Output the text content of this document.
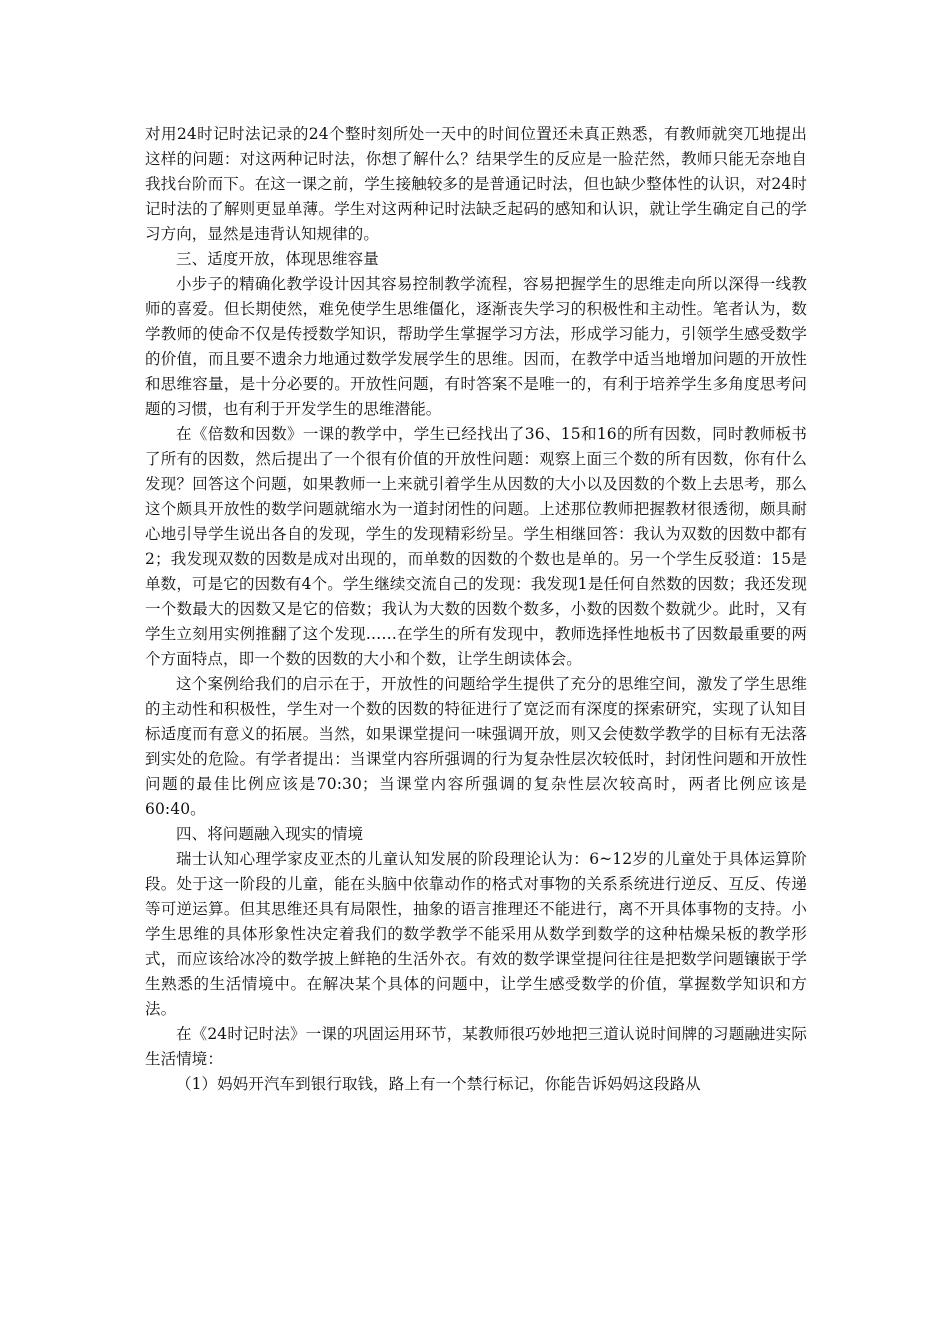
对用24时记时法记录的24个整时刻所处一天中的时间位置还未真正熟悉，有教师就突兀地提出这样的问题：对这两种记时法，你想了解什么？结果学生的反应是一脸茫然，教师只能无奈地自我找台阶而下。在这一课之前，学生接触较多的是普通记时法，但也缺少整体性的认识，对24时记时法的了解则更显单薄。学生对这两种记时法缺乏起码的感知和认识，就让学生确定自己的学习方向，显然是违背认知规律的。

三、适度开放，体现思维容量

小步子的精确化教学设计因其容易控制教学流程，容易把握学生的思维走向所以深得一线教师的喜爱。但长期使然，难免使学生思维僵化，逐渐丧失学习的积极性和主动性。笔者认为，数学教师的使命不仅是传授数学知识，帮助学生掌握学习方法，形成学习能力，引领学生感受数学的价值，而且要不遗余力地通过数学发展学生的思维。因而，在教学中适当地增加问题的开放性和思维容量，是十分必要的。开放性问题，有时答案不是唯一的，有利于培养学生多角度思考问题的习惯，也有利于开发学生的思维潜能。

在《倍数和因数》一课的教学中，学生已经找出了36、15和16的所有因数，同时教师板书了所有的因数，然后提出了一个很有价值的开放性问题：观察上面三个数的所有因数，你有什么发现？回答这个问题，如果教师一上来就引着学生从因数的大小以及因数的个数上去思考，那么这个颇具开放性的数学问题就缩水为一道封闭性的问题。上述那位教师把握教材很透彻，颇具耐心地引导学生说出各自的发现，学生的发现精彩纷呈。学生相继回答：我认为双数的因数中都有2；我发现双数的因数是成对出现的，而单数的因数的个数也是单的。另一个学生反驳道：15是单数，可是它的因数有4个。学生继续交流自己的发现：我发现1是任何自然数的因数；我还发现一个数最大的因数又是它的倍数；我认为大数的因数个数多，小数的因数个数就少。此时，又有学生立刻用实例推翻了这个发现……在学生的所有发现中，教师选择性地板书了因数最重要的两个方面特点，即一个数的因数的大小和个数，让学生朗读体会。

这个案例给我们的启示在于，开放性的问题给学生提供了充分的思维空间，激发了学生思维的主动性和积极性，学生对一个数的因数的特征进行了宽泛而有深度的探索研究，实现了认知目标适度而有意义的拓展。当然，如果课堂提问一味强调开放，则又会使数学教学的目标有无法落到实处的危险。有学者提出：当课堂内容所强调的行为复杂性层次较低时，封闭性问题和开放性问题的最佳比例应该是70:30；当课堂内容所强调的复杂性层次较高时，两者比例应该是60:40。

四、将问题融入现实的情境

瑞士认知心理学家皮亚杰的儿童认知发展的阶段理论认为：6~12岁的儿童处于具体运算阶段。处于这一阶段的儿童，能在头脑中依靠动作的格式对事物的关系系统进行逆反、互反、传递等可逆运算。但其思维还具有局限性，抽象的语言推理还不能进行，离不开具体事物的支持。小学生思维的具体形象性决定着我们的数学教学不能采用从数学到数学的这种枯燥呆板的教学形式，而应该给冰冷的数学披上鲜艳的生活外衣。有效的数学课堂提问往往是把数学问题镶嵌于学生熟悉的生活情境中。在解决某个具体的问题中，让学生感受数学的价值，掌握数学知识和方法。

在《24时记时法》一课的巩固运用环节，某教师很巧妙地把三道认说时间牌的习题融进实际生活情境：

（1）妈妈开汽车到银行取钱，路上有一个禁行标记，你能告诉妈妈这段路从
